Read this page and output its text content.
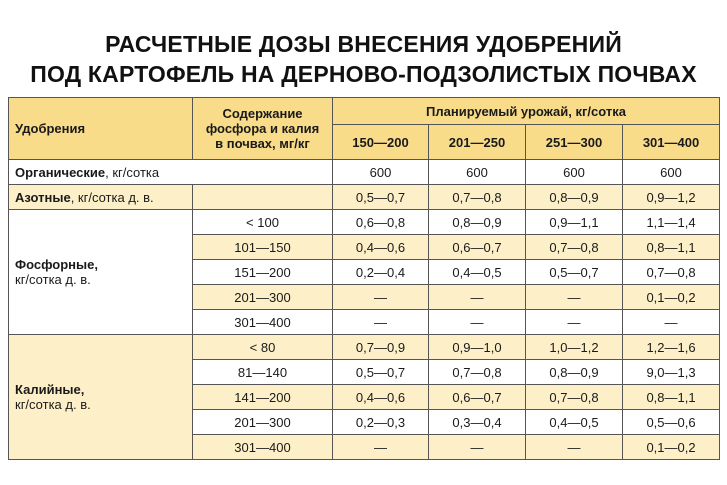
РАСЧЕТНЫЕ ДОЗЫ ВНЕСЕНИЯ УДОБРЕНИЙ
ПОД КАРТОФЕЛЬ НА ДЕРНОВО-ПОДЗОЛИСТЫХ ПОЧВАХ
Удобрения	Содержание
фосфора и калия
в почвах, мг/кг	Планируемый урожай, кг/сотка			
		150—200	201—250	251—300	301—400
Органические, кг/сотка		600	600	600	600
Азотные, кг/сотка д. в.		0,5—0,7	0,7—0,8	0,8—0,9	0,9—1,2
Фосфорные,
кг/сотка д. в.	< 100	0,6—0,8	0,8—0,9	0,9—1,1	1,1—1,4
	101—150	0,4—0,6	0,6—0,7	0,7—0,8	0,8—1,1
	151—200	0,2—0,4	0,4—0,5	0,5—0,7	0,7—0,8
	201—300	—	—	—	0,1—0,2
	301—400	—	—	—	—
Калийные,
кг/сотка д. в.	< 80	0,7—0,9	0,9—1,0	1,0—1,2	1,2—1,6
	81—140	0,5—0,7	0,7—0,8	0,8—0,9	9,0—1,3
	141—200	0,4—0,6	0,6—0,7	0,7—0,8	0,8—1,1
	201—300	0,2—0,3	0,3—0,4	0,4—0,5	0,5—0,6
	301—400	—	—	—	0,1—0,2
